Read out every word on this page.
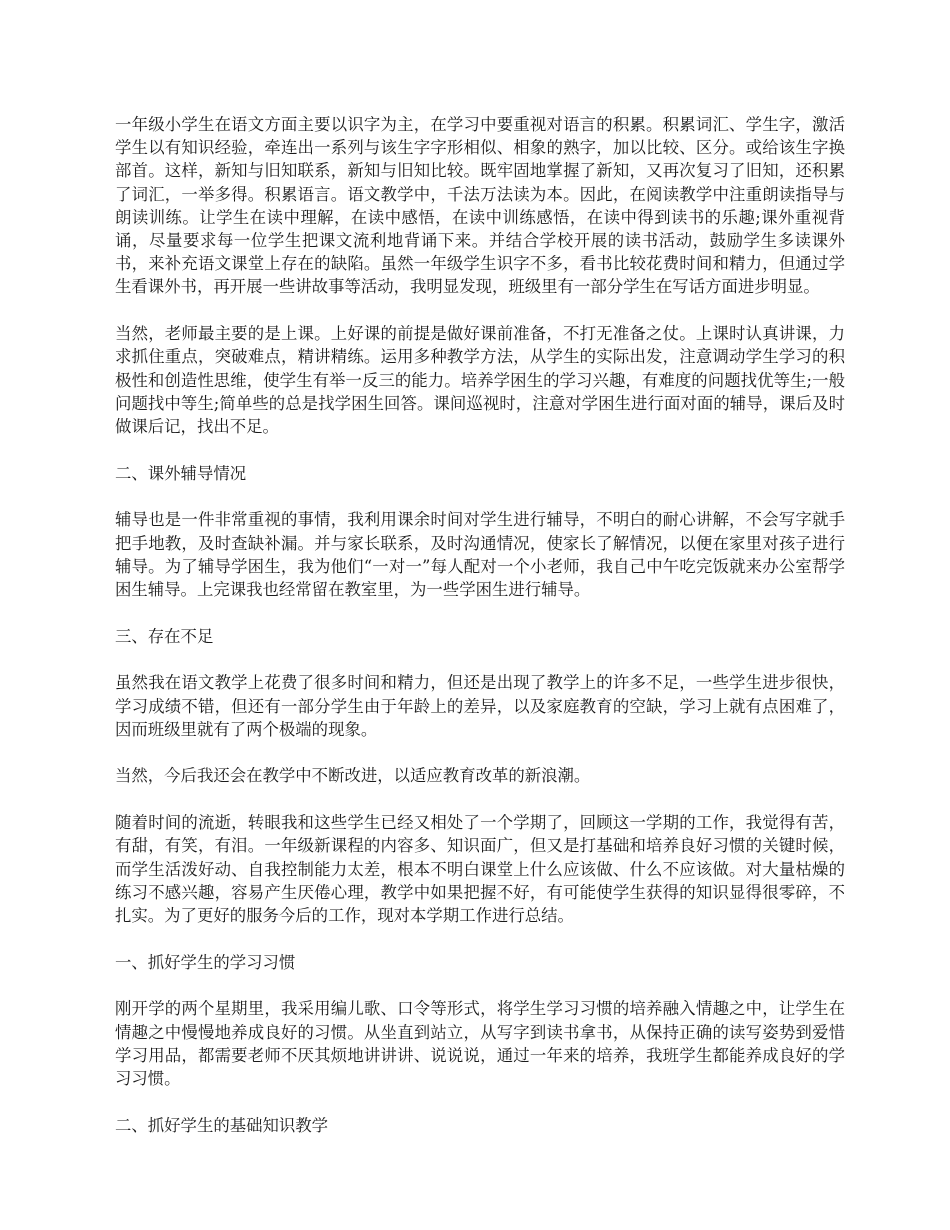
一年级小学生在语文方面主要以识字为主，在学习中要重视对语言的积累。积累词汇、学生字，激活学生以有知识经验，牵连出一系列与该生字字形相似、相象的熟字，加以比较、区分。或给该生字换部首。这样，新知与旧知联系，新知与旧知比较。既牢固地掌握了新知，又再次复习了旧知，还积累了词汇，一举多得。积累语言。语文教学中，千法万法读为本。因此，在阅读教学中注重朗读指导与朗读训练。让学生在读中理解，在读中感悟，在读中训练感悟，在读中得到读书的乐趣;课外重视背诵，尽量要求每一位学生把课文流利地背诵下来。并结合学校开展的读书活动，鼓励学生多读课外书，来补充语文课堂上存在的缺陷。虽然一年级学生识字不多，看书比较花费时间和精力，但通过学生看课外书，再开展一些讲故事等活动，我明显发现，班级里有一部分学生在写话方面进步明显。

当然，老师最主要的是上课。上好课的前提是做好课前准备，不打无准备之仗。上课时认真讲课，力求抓住重点，突破难点，精讲精练。运用多种教学方法，从学生的实际出发，注意调动学生学习的积极性和创造性思维，使学生有举一反三的能力。培养学困生的学习兴趣，有难度的问题找优等生;一般问题找中等生;简单些的总是找学困生回答。课间巡视时，注意对学困生进行面对面的辅导，课后及时做课后记，找出不足。

二、课外辅导情况

辅导也是一件非常重视的事情，我利用课余时间对学生进行辅导，不明白的耐心讲解，不会写字就手把手地教，及时查缺补漏。并与家长联系，及时沟通情况，使家长了解情况，以便在家里对孩子进行辅导。为了辅导学困生，我为他们“一对一”每人配对一个小老师，我自己中午吃完饭就来办公室帮学困生辅导。上完课我也经常留在教室里，为一些学困生进行辅导。

三、存在不足

虽然我在语文教学上花费了很多时间和精力，但还是出现了教学上的许多不足，一些学生进步很快，学习成绩不错，但还有一部分学生由于年龄上的差异，以及家庭教育的空缺，学习上就有点困难了，因而班级里就有了两个极端的现象。

当然，今后我还会在教学中不断改进，以适应教育改革的新浪潮。

随着时间的流逝，转眼我和这些学生已经又相处了一个学期了，回顾这一学期的工作，我觉得有苦，有甜，有笑，有泪。一年级新课程的内容多、知识面广，但又是打基础和培养良好习惯的关键时候，而学生活泼好动、自我控制能力太差，根本不明白课堂上什么应该做、什么不应该做。对大量枯燥的练习不感兴趣，容易产生厌倦心理，教学中如果把握不好，有可能使学生获得的知识显得很零碎，不扎实。为了更好的服务今后的工作，现对本学期工作进行总结。

一、抓好学生的学习习惯

刚开学的两个星期里，我采用编儿歌、口令等形式，将学生学习习惯的培养融入情趣之中，让学生在情趣之中慢慢地养成良好的习惯。从坐直到站立，从写字到读书拿书，从保持正确的读写姿势到爱惜学习用品，都需要老师不厌其烦地讲讲讲、说说说，通过一年来的培养，我班学生都能养成良好的学习习惯。

二、抓好学生的基础知识教学
